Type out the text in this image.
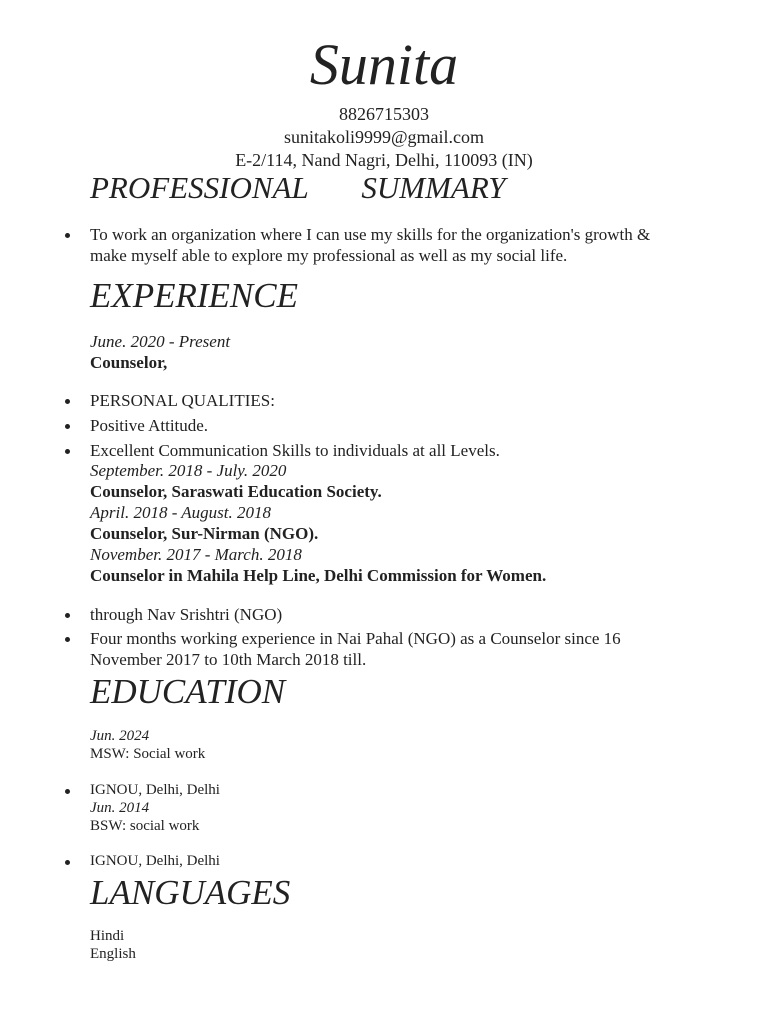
Sunita
8826715303
sunitakoli9999@gmail.com
E-2/114, Nand Nagri, Delhi, 110093 (IN)
PROFESSIONAL   SUMMARY
To work an organization where I can use my skills for the organization's growth & make myself able to explore my professional as well as my social life.
EXPERIENCE
June. 2020 - Present
Counselor,
PERSONAL QUALITIES:
Positive Attitude.
Excellent Communication Skills to individuals at all Levels.
September. 2018 - July. 2020
Counselor, Saraswati Education Society.
April. 2018 - August. 2018
Counselor, Sur-Nirman (NGO).
November. 2017 - March. 2018
Counselor in Mahila Help Line, Delhi Commission for Women.
through Nav Srishtri (NGO)
Four months working experience in Nai Pahal (NGO) as a Counselor since 16 November 2017 to 10th March 2018 till.
EDUCATION
Jun. 2024
MSW: Social work
IGNOU, Delhi, Delhi
Jun. 2014
BSW: social work
IGNOU, Delhi, Delhi
LANGUAGES
Hindi
English
